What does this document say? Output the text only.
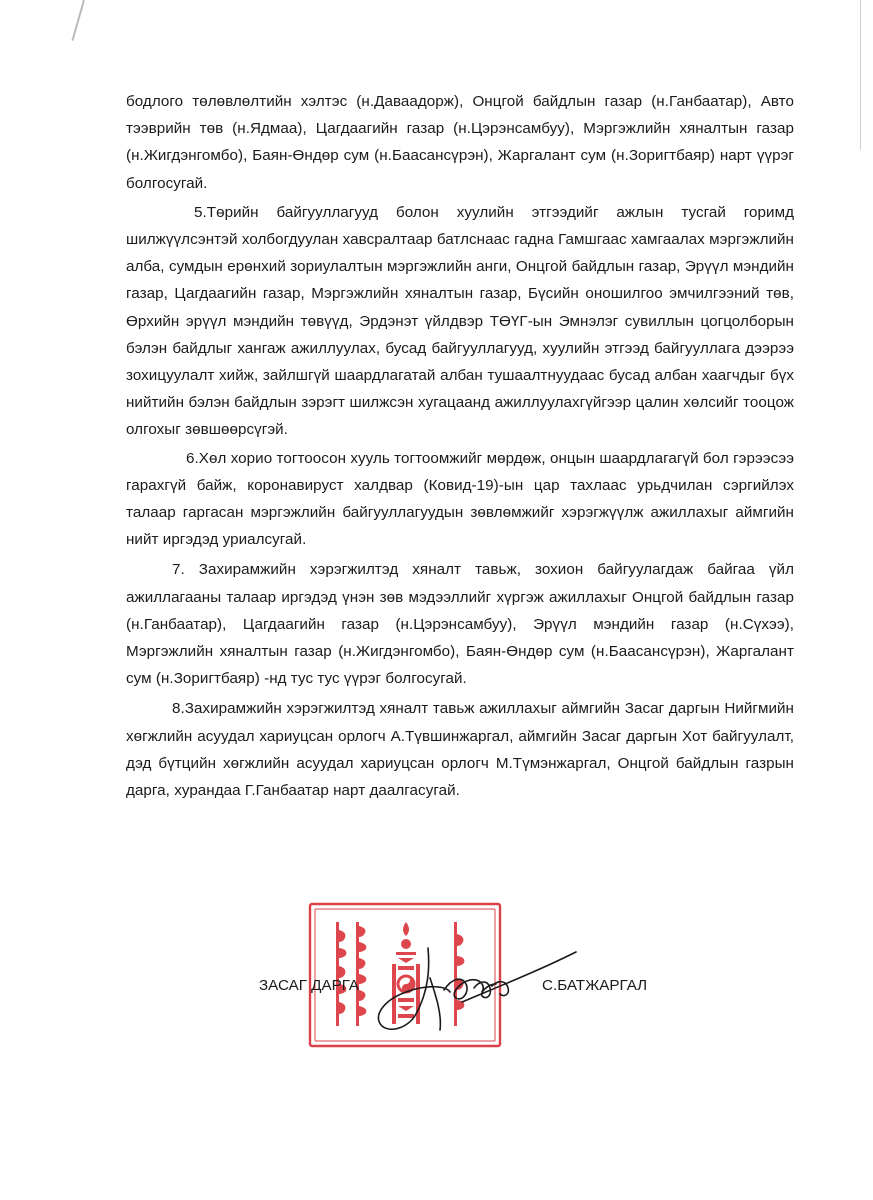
бодлого төлөвлөлтийн хэлтэс (н.Даваадорж), Онцгой байдлын газар (н.Ганбаатар), Авто тээврийн төв (н.Ядмаа), Цагдаагийн газар (н.Цэрэнсамбуу), Мэргэжлийн хяналтын газар (н.Жигдэнгомбо), Баян-Өндөр сум (н.Баасансүрэн), Жаргалант сум (н.Зоригтбаяр) нарт үүрэг болгосугай.

5.Төрийн байгууллагууд болон хуулийн этгээдийг ажлын тусгай горимд шилжүүлсэнтэй холбогдуулан хавсралтаар батлснаас гадна Гамшгаас хамгаалах мэргэжлийн алба, сумдын ерөнхий зориулалтын мэргэжлийн анги, Онцгой байдлын газар, Эрүүл мэндийн газар, Цагдаагийн газар, Мэргэжлийн хяналтын газар, Бүсийн оношилгоо эмчилгээний төв, Өрхийн эрүүл мэндийн төвүүд, Эрдэнэт үйлдвэр ТӨҮГ-ын Эмнэлэг сувиллын цогцолборын бэлэн байдлыг хангаж ажиллуулах, бусад байгууллагууд, хуулийн этгээд байгууллага дээрээ зохицуулалт хийж, зайлшгүй шаардлагатай албан тушаалтнуудаас бусад албан хаагчдыг бүх нийтийн бэлэн байдлын зэрэгт шилжсэн хугацаанд ажиллуулахгүйгээр цалин хөлсийг тооцож олгохыг зөвшөөрсүгэй.

6.Хөл хорио тогтоосон хууль тогтоомжийг мөрдөж, онцын шаардлагагүй бол гэрээсээ гарахгүй байж, коронавируст халдвар (Ковид-19)-ын цар тахлаас урьдчилан сэргийлэх талаар гаргасан мэргэжлийн байгууллагуудын зөвлөмжийг хэрэгжүүлж ажиллахыг аймгийн нийт иргэдэд уриалсугай.

7. Захирамжийн хэрэгжилтэд хяналт тавьж, зохион байгуулагдаж байгаа үйл ажиллагааны талаар иргэдэд үнэн зөв мэдээллийг хүргэж ажиллахыг Онцгой байдлын газар (н.Ганбаатар), Цагдаагийн газар (н.Цэрэнсамбуу), Эрүүл мэндийн газар (н.Сүхээ), Мэргэжлийн хяналтын газар (н.Жигдэнгомбо), Баян-Өндөр сум (н.Баасансүрэн), Жаргалант сум (н.Зоригтбаяр) -нд тус тус үүрэг болгосугай.

8.Захирамжийн хэрэгжилтэд хяналт тавьж ажиллахыг аймгийн Засаг даргын Нийгмийн хөгжлийн асуудал хариуцсан орлогч А.Түвшинжаргал, аймгийн Засаг даргын Хот байгуулалт, дэд бүтцийн хөгжлийн асуудал хариуцсан орлогч М.Түмэнжаргал, Онцгой байдлын газрын дарга, хурандаа Г.Ганбаатар нарт даалгасугай.

ЗАСАГ ДАРГА	С.БАТЖАРГАЛ
